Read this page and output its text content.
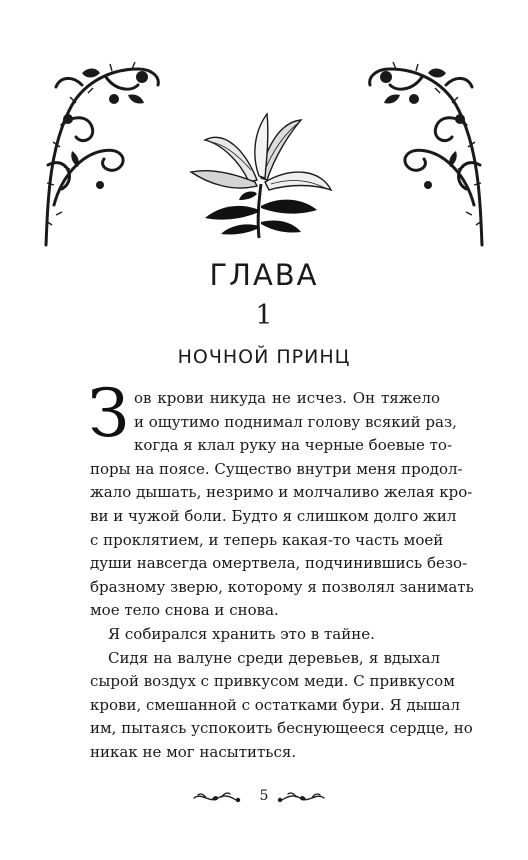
ГЛАВА
1
НОЧНОЙ ПРИНЦ
З ов крови никуда не исчез. Он тяжело
и ощутимо поднимал голову всякий раз,
когда я клал руку на черные боевые то-
поры на поясе. Существо внутри меня продол-
жало дышать, незримо и молчаливо желая кро-
ви и чужой боли. Будто я слишком долго жил
с проклятием, и теперь какая-то часть моей
души навсегда омертвела, подчинившись безо-
бразному зверю, которому я позволял занимать
мое тело снова и снова.
Я собирался хранить это в тайне.
Сидя на валуне среди деревьев, я вдыхал
сырой воздух с привкусом меди. С привкусом
крови, смешанной с остатками бури. Я дышал
им, пытаясь успокоить беснующееся сердце, но
никак не мог насытиться.
5
